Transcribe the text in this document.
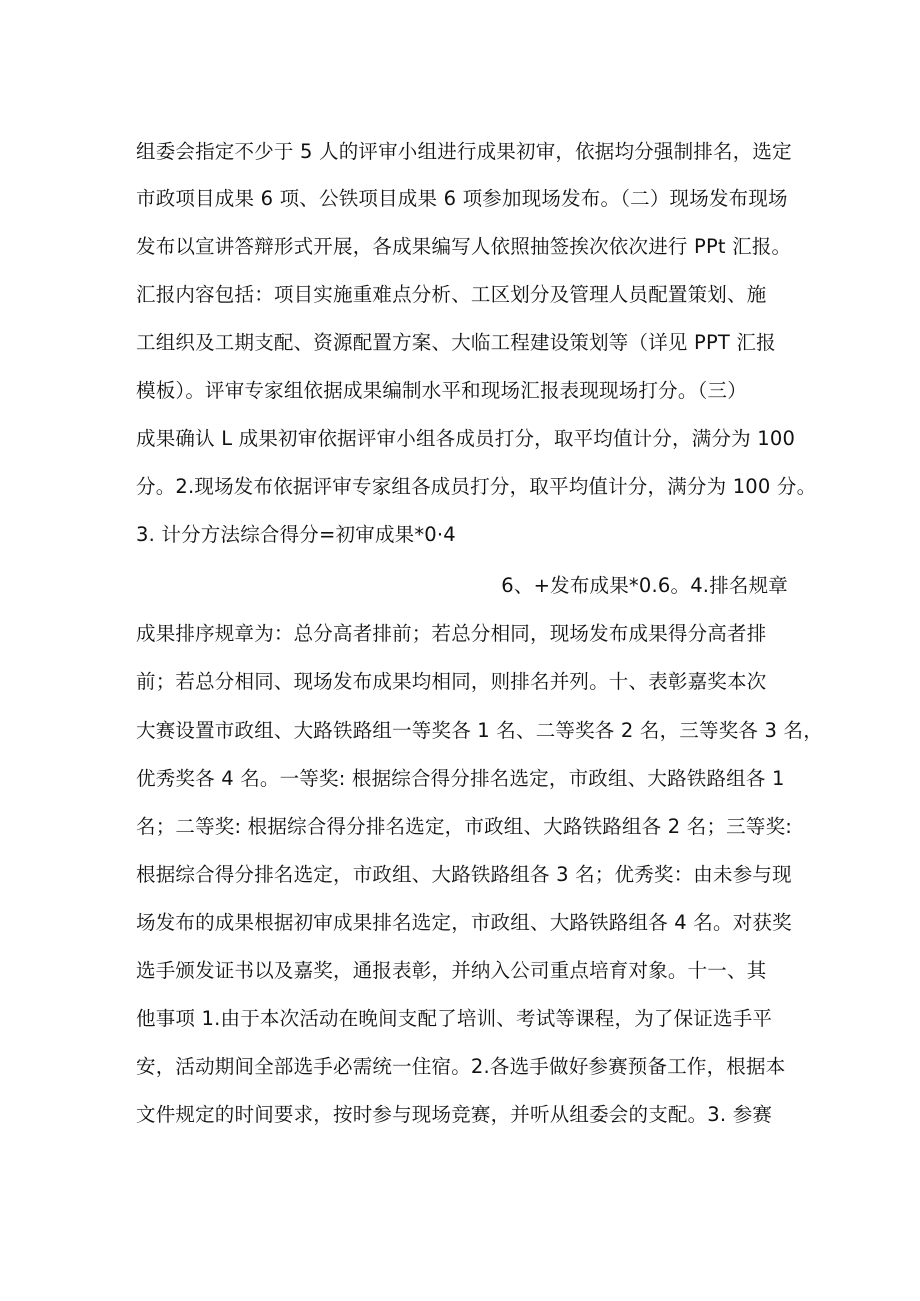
组委会指定不少于 5 人的评审小组进行成果初审，依据均分强制排名，选定
市政项目成果 6 项、公铁项目成果 6 项参加现场发布。（二）现场发布现场
发布以宣讲答辩形式开展，各成果编写人依照抽签挨次依次进行 PPt 汇报。
汇报内容包括：项目实施重难点分析、工区划分及管理人员配置策划、施
工组织及工期支配、资源配置方案、大临工程建设策划等（详见 PPT 汇报
模板）。评审专家组依据成果编制水平和现场汇报表现现场打分。（三）
成果确认 L 成果初审依据评审小组各成员打分，取平均值计分，满分为 100
分。2.现场发布依据评审专家组各成员打分，取平均值计分，满分为 100 分。
3. 计分方法综合得分=初审成果*0·4
6、+发布成果*0.6。4.排名规章
成果排序规章为：总分高者排前；若总分相同，现场发布成果得分高者排
前；若总分相同、现场发布成果均相同，则排名并列。十、表彰嘉奖本次
大赛设置市政组、大路铁路组一等奖各 1 名、二等奖各 2 名，三等奖各 3 名，
优秀奖各 4 名。一等奖: 根据综合得分排名选定，市政组、大路铁路组各 1
名；二等奖: 根据综合得分排名选定，市政组、大路铁路组各 2 名；三等奖:
根据综合得分排名选定，市政组、大路铁路组各 3 名；优秀奖：由未参与现
场发布的成果根据初审成果排名选定，市政组、大路铁路组各 4 名。对获奖
选手颁发证书以及嘉奖，通报表彰，并纳入公司重点培育对象。十一、其
他事项 1.由于本次活动在晚间支配了培训、考试等课程，为了保证选手平
安，活动期间全部选手必需统一住宿。2.各选手做好参赛预备工作，根据本
文件规定的时间要求，按时参与现场竞赛，并听从组委会的支配。3. 参赛
